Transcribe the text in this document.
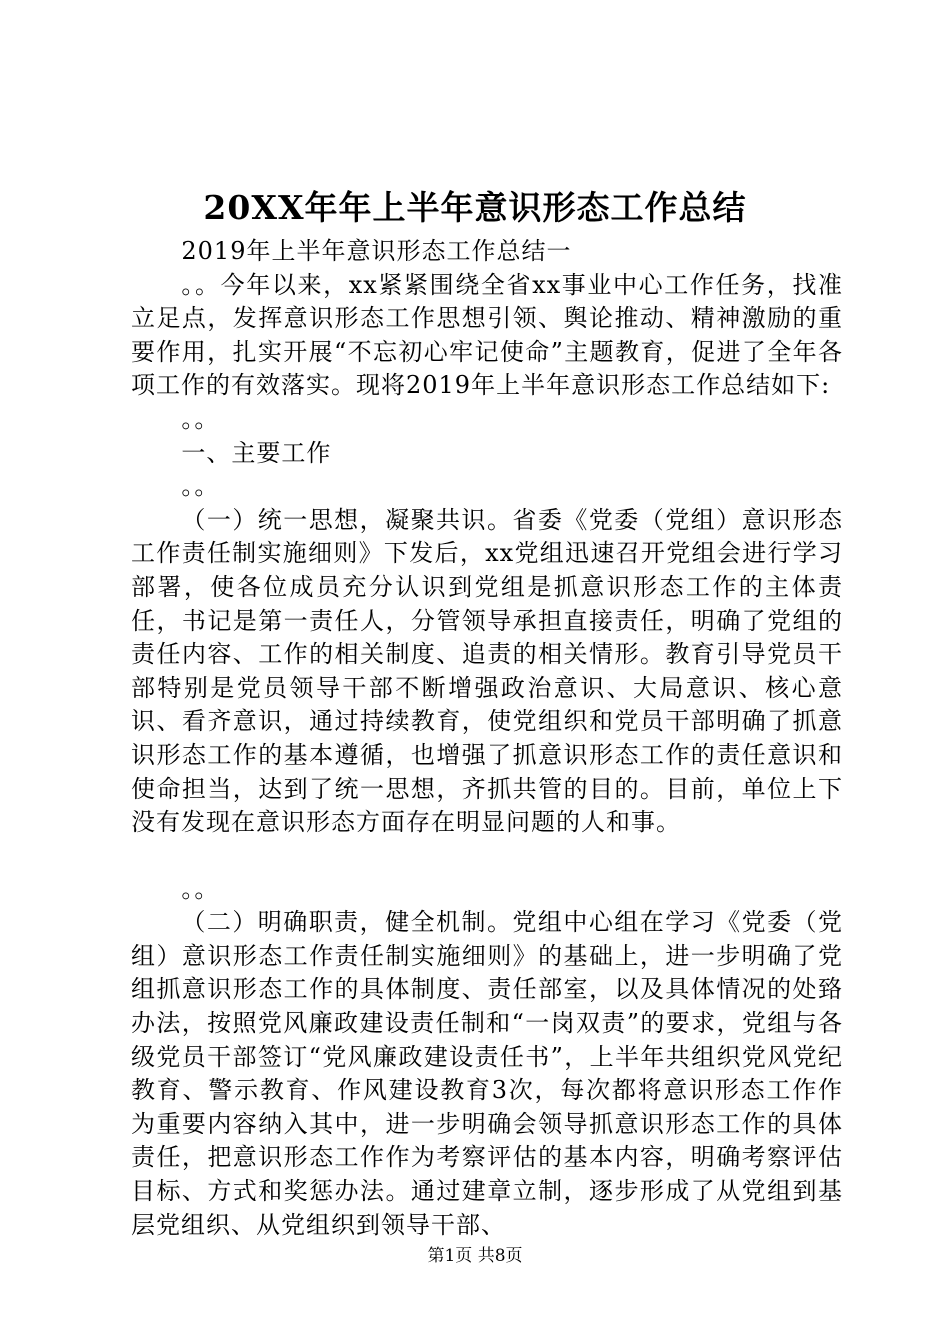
20XX年年上半年意识形态工作总结

2019年上半年意识形态工作总结一

。。今年以来，xx紧紧围绕全省xx事业中心工作任务，找准立足点，发挥意识形态工作思想引领、舆论推动、精神激励的重要作用，扎实开展“不忘初心牢记使命”主题教育，促进了全年各项工作的有效落实。现将2019年上半年意识形态工作总结如下:

。。

一、主要工作

。。

（一）统一思想，凝聚共识。省委《党委（党组）意识形态工作责任制实施细则》下发后，xx党组迅速召开党组会进行学习部署，使各位成员充分认识到党组是抓意识形态工作的主体责任，书记是第一责任人，分管领导承担直接责任，明确了党组的责任内容、工作的相关制度、追责的相关情形。教育引导党员干部特别是党员领导干部不断增强政治意识、大局意识、核心意识、看齐意识，通过持续教育，使党组织和党员干部明确了抓意识形态工作的基本遵循，也增强了抓意识形态工作的责任意识和使命担当，达到了统一思想，齐抓共管的目的。目前，单位上下没有发现在意识形态方面存在明显问题的人和事。

。。

（二）明确职责，健全机制。党组中心组在学习《党委（党组）意识形态工作责任制实施细则》的基础上，进一步明确了党组抓意识形态工作的具体制度、责任部室，以及具体情况的处臵办法，按照党风廉政建设责任制和“一岗双责”的要求，党组与各级党员干部签订“党风廉政建设责任书”，上半年共组织党风党纪教育、警示教育、作风建设教育3次，每次都将意识形态工作作为重要内容纳入其中，进一步明确会领导抓意识形态工作的具体责任，把意识形态工作作为考察评估的基本内容，明确考察评估目标、方式和奖惩办法。通过建章立制，逐步形成了从党组到基层党组织、从党组织到领导干部、

第1页 共8页
